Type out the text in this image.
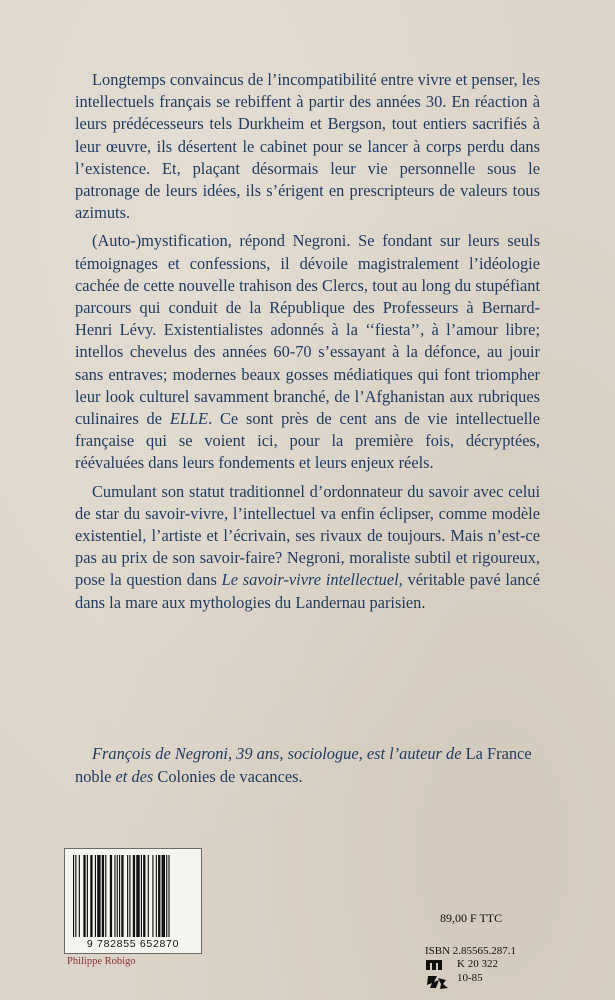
Longtemps convaincus de l’incompatibilité entre vivre et penser, les intellectuels français se rebiffent à partir des années 30. En réaction à leurs prédécesseurs tels Durkheim et Bergson, tout entiers sacrifiés à leur œuvre, ils désertent le cabinet pour se lancer à corps perdu dans l’existence. Et, plaçant désormais leur vie personnelle sous le patronage de leurs idées, ils s’érigent en prescripteurs de valeurs tous azimuts.

(Auto-)mystification, répond Negroni. Se fondant sur leurs seuls témoignages et confessions, il dévoile magistralement l’idéologie cachée de cette nouvelle trahison des Clercs, tout au long du stupéfiant parcours qui conduit de la République des Professeurs à Bernard-Henri Lévy. Existentialistes adonnés à la ‘‘fiesta’’, à l’amour libre; intellos chevelus des années 60-70 s’essayant à la défonce, au jouir sans entraves; modernes beaux gosses médiatiques qui font triompher leur look culturel savamment branché, de l’Afghanistan aux rubriques culinaires de ELLE. Ce sont près de cent ans de vie intellectuelle française qui se voient ici, pour la première fois, décryptées, réévaluées dans leurs fondements et leurs enjeux réels.

Cumulant son statut traditionnel d’ordonnateur du savoir avec celui de star du savoir-vivre, l’intellectuel va enfin éclipser, comme modèle existentiel, l’artiste et l’écrivain, ses rivaux de toujours. Mais n’est-ce pas au prix de son savoir-faire? Negroni, moraliste subtil et rigoureux, pose la question dans Le savoir-vivre intellectuel, véritable pavé lancé dans la mare aux mythologies du Landernau parisien.

François de Negroni, 39 ans, sociologue, est l’auteur de La France noble et des Colonies de vacances.
9 782855 652870
Philippe Robigo
89,00 F TTC
ISBN 2.85565.287.1
K 20 322
10-85
